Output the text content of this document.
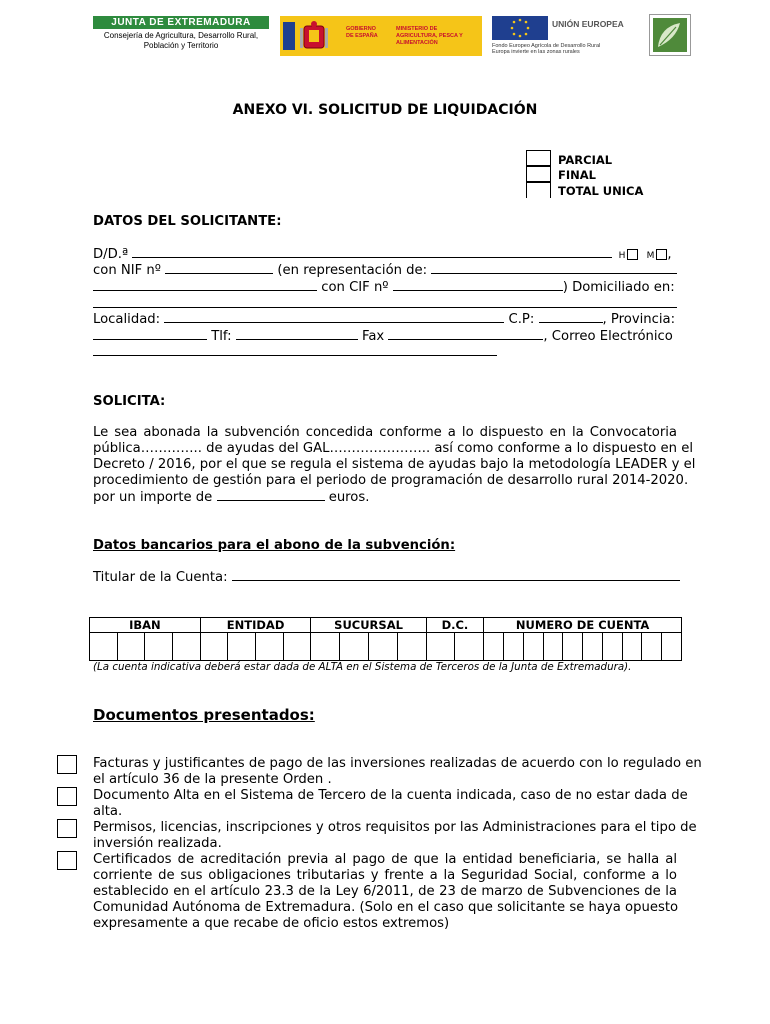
JUNTA DE EXTREMADURA
Consejería de Agricultura, Desarrollo Rural,
Población y Territorio
GOBIERNO DE ESPAÑA
MINISTERIO DE AGRICULTURA, PESCA Y ALIMENTACIÓN
UNIÓN EUROPEA
Fondo Europeo Agrícola de Desarrollo Rural
Europa invierte en las zonas rurales
ANEXO VI. SOLICITUD DE LIQUIDACIÓN
PARCIAL
FINAL
TOTAL UNICA
DATOS DEL SOLICITANTE:
D/D.ª	H M ,
con NIF nº	(en representación de:
con CIF nº	) Domiciliado en:
Localidad:	C.P:	, Provincia:
Tlf:	Fax	, Correo Electrónico
SOLICITA:
Le sea abonada la subvención concedida conforme a lo dispuesto en la Convocatoria
pública………….. de ayudas del GAL………………….. así como conforme a lo dispuesto en el
Decreto / 2016, por el que se regula el sistema de ayudas bajo la metodología LEADER y el
procedimiento de gestión para el periodo de programación de desarrollo rural 2014-2020.
por un importe de	euros.
Datos bancarios para el abono de la subvención:
Titular de la Cuenta:
IBAN				ENTIDAD				SUCURSAL				D.C.		NUMERO DE CUENTA									

(La cuenta indicativa deberá estar dada de ALTA en el Sistema de Terceros de la Junta de Extremadura).
Documentos presentados:
Facturas y justificantes de pago de las inversiones realizadas de acuerdo con lo regulado en
el artículo 36 de la presente Orden .
Documento Alta en el Sistema de Tercero de la cuenta indicada, caso de no estar dada de
alta.
Permisos, licencias, inscripciones y otros requisitos por las Administraciones para el tipo de
inversión realizada.
Certificados de acreditación previa al pago de que la entidad beneficiaria, se halla al
corriente de sus obligaciones tributarias y frente a la Seguridad Social, conforme a lo
establecido en el artículo 23.3 de la Ley 6/2011, de 23 de marzo de Subvenciones de la
Comunidad Autónoma de Extremadura. (Solo en el caso que solicitante se haya opuesto
expresamente a que recabe de oficio estos extremos)
